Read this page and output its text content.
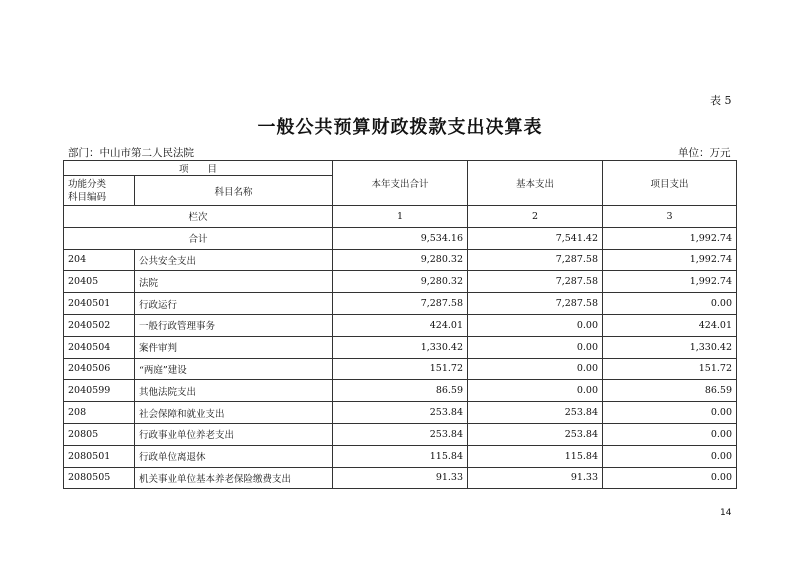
表 5
一般公共预算财政拨款支出决算表
部门：中山市第二人民法院	单位：万元
项　　目		本年支出合计	基本支出	项目支出

功能分类
科目编码	科目名称			
栏次		1	2	3
合计		9,534.16	7,541.42	1,992.74
204	公共安全支出	9,280.32	7,287.58	1,992.74
20405	法院	9,280.32	7,287.58	1,992.74
2040501	行政运行	7,287.58	7,287.58	0.00
2040502	一般行政管理事务	424.01	0.00	424.01
2040504	案件审判	1,330.42	0.00	1,330.42
2040506	“两庭”建设	151.72	0.00	151.72
2040599	其他法院支出	86.59	0.00	86.59
208	社会保障和就业支出	253.84	253.84	0.00
20805	行政事业单位养老支出	253.84	253.84	0.00
2080501	行政单位离退休	115.84	115.84	0.00
2080505	机关事业单位基本养老保险缴费支出	91.33	91.33	0.00
14
